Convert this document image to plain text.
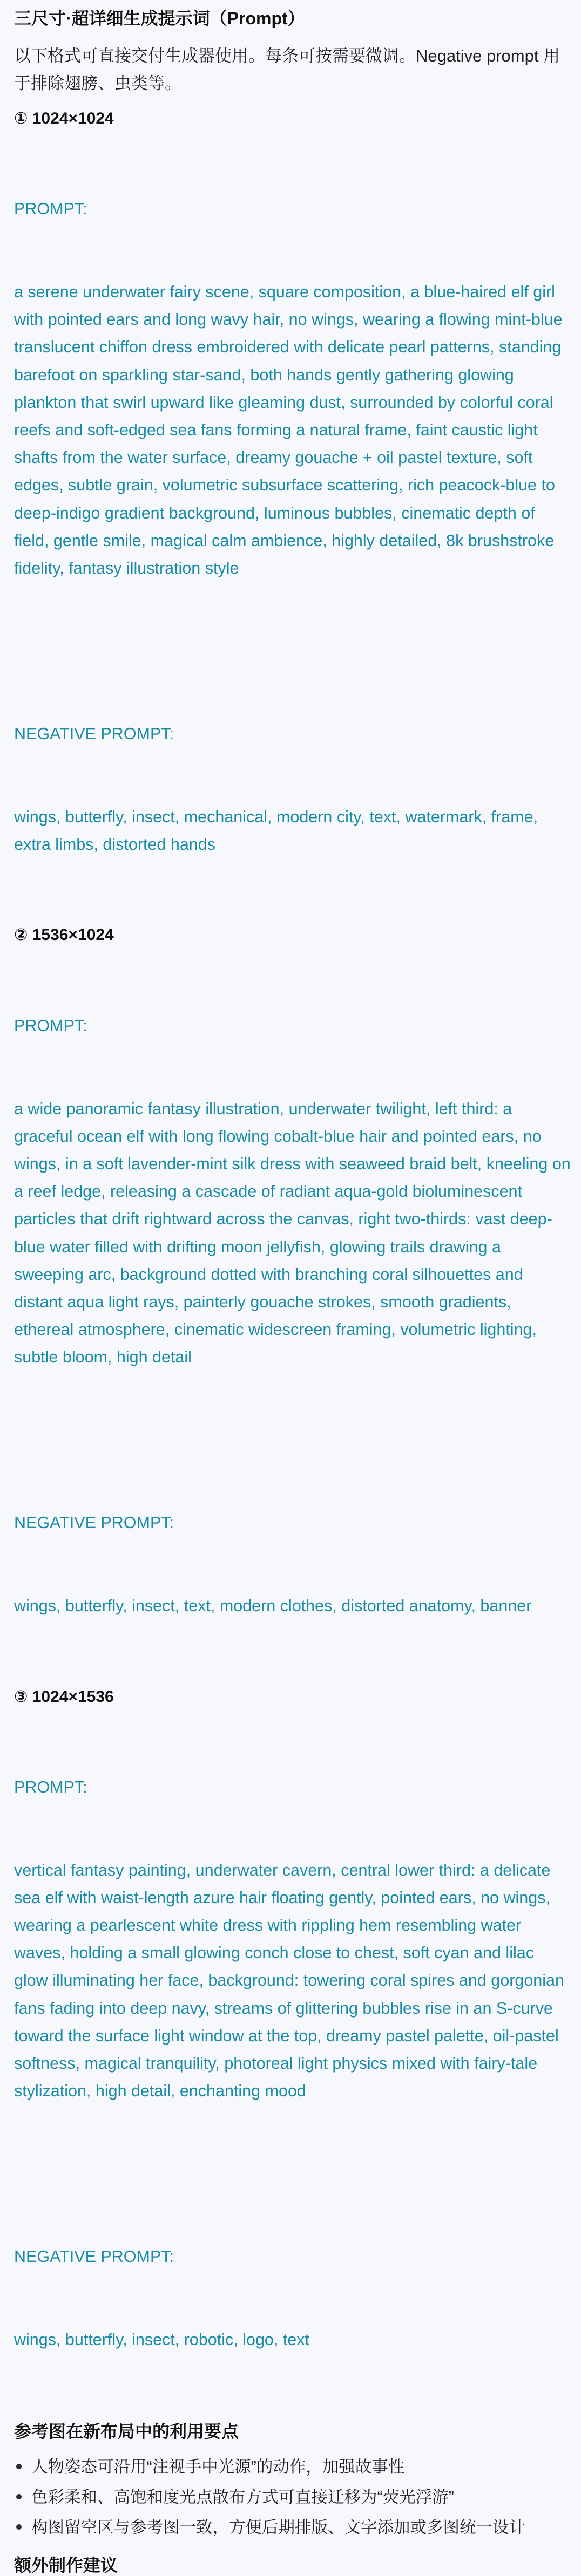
三尺寸·超详细生成提示词（Prompt）

以下格式可直接交付生成器使用。每条可按需要微调。Negative prompt 用于排除翅膀、虫类等。

① 1024×1024

PROMPT:

a serene underwater fairy scene, square composition, a blue-haired elf girl with pointed ears and long wavy hair, no wings, wearing a flowing mint-blue translucent chiffon dress embroidered with delicate pearl patterns, standing barefoot on sparkling star-sand, both hands gently gathering glowing plankton that swirl upward like gleaming dust, surrounded by colorful coral reefs and soft-edged sea fans forming a natural frame, faint caustic light shafts from the water surface, dreamy gouache + oil pastel texture, soft edges, subtle grain, volumetric subsurface scattering, rich peacock-blue to deep-indigo gradient background, luminous bubbles, cinematic depth of field, gentle smile, magical calm ambience, highly detailed, 8k brushstroke fidelity, fantasy illustration style

NEGATIVE PROMPT:

wings, butterfly, insect, mechanical, modern city, text, watermark, frame, extra limbs, distorted hands

② 1536×1024

PROMPT:

a wide panoramic fantasy illustration, underwater twilight, left third: a graceful ocean elf with long flowing cobalt-blue hair and pointed ears, no wings, in a soft lavender-mint silk dress with seaweed braid belt, kneeling on a reef ledge, releasing a cascade of radiant aqua-gold bioluminescent particles that drift rightward across the canvas, right two-thirds: vast deep-blue water filled with drifting moon jellyfish, glowing trails drawing a sweeping arc, background dotted with branching coral silhouettes and distant aqua light rays, painterly gouache strokes, smooth gradients, ethereal atmosphere, cinematic widescreen framing, volumetric lighting, subtle bloom, high detail

NEGATIVE PROMPT:

wings, butterfly, insect, text, modern clothes, distorted anatomy, banner

③ 1024×1536

PROMPT:

vertical fantasy painting, underwater cavern, central lower third: a delicate sea elf with waist-length azure hair floating gently, pointed ears, no wings, wearing a pearlescent white dress with rippling hem resembling water waves, holding a small glowing conch close to chest, soft cyan and lilac glow illuminating her face, background: towering coral spires and gorgonian fans fading into deep navy, streams of glittering bubbles rise in an S-curve toward the surface light window at the top, dreamy pastel palette, oil-pastel softness, magical tranquility, photoreal light physics mixed with fairy-tale stylization, high detail, enchanting mood

NEGATIVE PROMPT:

wings, butterfly, insect, robotic, logo, text

参考图在新布局中的利用要点
人物姿态可沿用“注视手中光源”的动作，加强故事性
色彩柔和、高饱和度光点散布方式可直接迁移为“荧光浮游”
构图留空区与参考图一致，方便后期排版、文字添加或多图统一设计
额外制作建议
